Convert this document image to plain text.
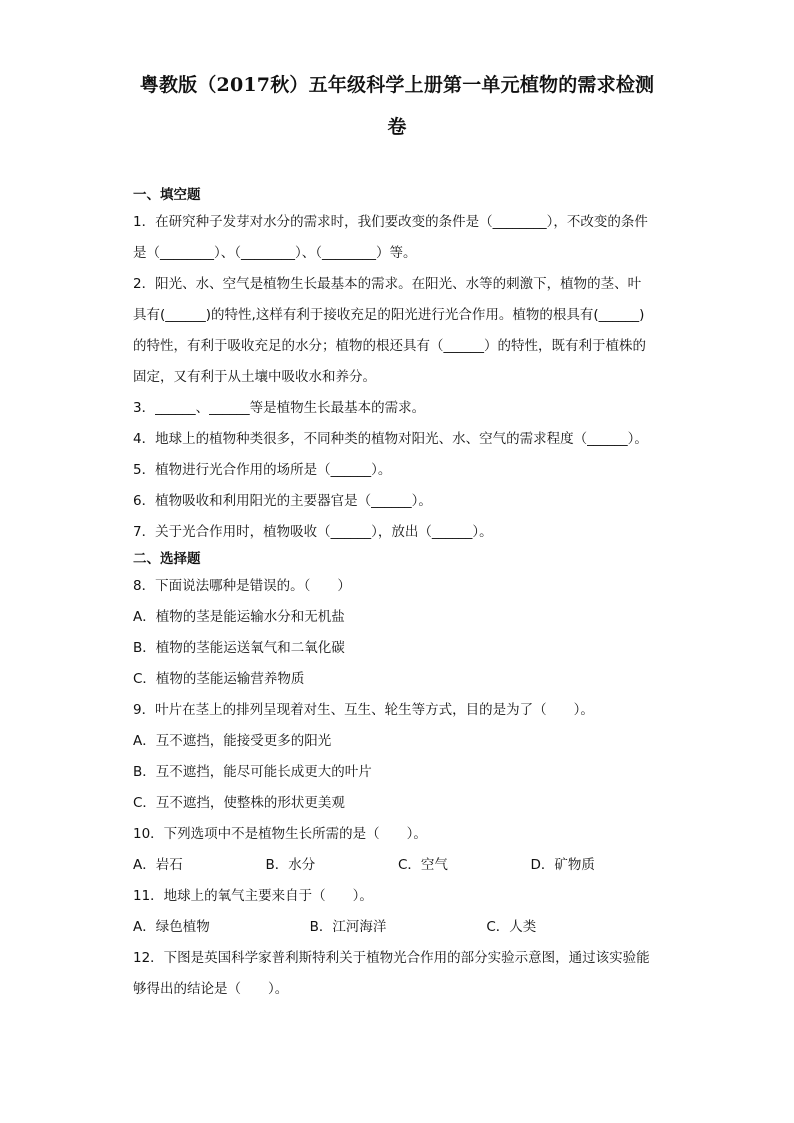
粤教版（2017秋）五年级科学上册第一单元植物的需求检测
卷
一、填空题
1．在研究种子发芽对水分的需求时，我们要改变的条件是（________），不改变的条件
是（________）、（________）、（________）等。
2．阳光、水、空气是植物生长最基本的需求。在阳光、水等的刺激下，植物的茎、叶
具有(______)的特性,这样有利于接收充足的阳光进行光合作用。植物的根具有(______)
的特性，有利于吸收充足的水分；植物的根还具有（______）的特性，既有利于植株的
固定，又有利于从土壤中吸收水和养分。
3．______、______等是植物生长最基本的需求。
4．地球上的植物种类很多，不同种类的植物对阳光、水、空气的需求程度（______）。
5．植物进行光合作用的场所是（______）。
6．植物吸收和利用阳光的主要器官是（______）。
7．关于光合作用时，植物吸收（______），放出（______）。
二、选择题
8．下面说法哪种是错误的。（　　）
A．植物的茎是能运输水分和无机盐
B．植物的茎能运送氧气和二氧化碳
C．植物的茎能运输营养物质
9．叶片在茎上的排列呈现着对生、互生、轮生等方式，目的是为了（　　）。
A．互不遮挡，能接受更多的阳光
B．互不遮挡，能尽可能长成更大的叶片
C．互不遮挡，使整株的形状更美观
10．下列选项中不是植物生长所需的是（　　）。
A．岩石	B．水分	C．空气	D．矿物质
11．地球上的氧气主要来自于（　　）。
A．绿色植物	B．江河海洋	C．人类
12．下图是英国科学家普利斯特利关于植物光合作用的部分实验示意图，通过该实验能
够得出的结论是（　　）。
